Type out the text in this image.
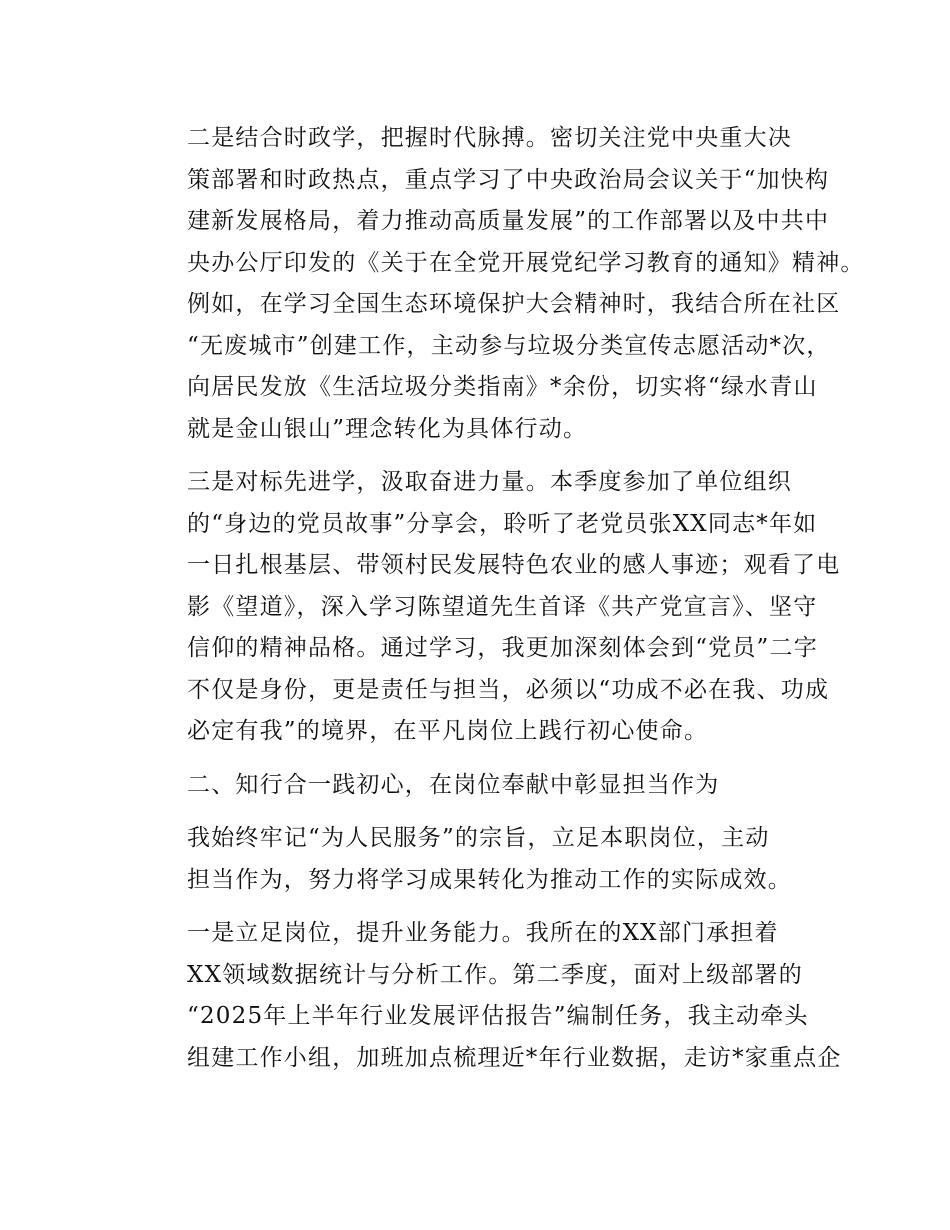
二是结合时政学，把握时代脉搏。密切关注党中央重大决
策部署和时政热点，重点学习了中央政治局会议关于“加快构
建新发展格局，着力推动高质量发展”的工作部署以及中共中
央办公厅印发的《关于在全党开展党纪学习教育的通知》精神。
例如，在学习全国生态环境保护大会精神时，我结合所在社区
“无废城市”创建工作，主动参与垃圾分类宣传志愿活动*次，
向居民发放《生活垃圾分类指南》*余份，切实将“绿水青山
就是金山银山”理念转化为具体行动。

三是对标先进学，汲取奋进力量。本季度参加了单位组织
的“身边的党员故事”分享会，聆听了老党员张XX同志*年如
一日扎根基层、带领村民发展特色农业的感人事迹；观看了电
影《望道》，深入学习陈望道先生首译《共产党宣言》、坚守
信仰的精神品格。通过学习，我更加深刻体会到“党员”二字
不仅是身份，更是责任与担当，必须以“功成不必在我、功成
必定有我”的境界，在平凡岗位上践行初心使命。

二、知行合一践初心，在岗位奉献中彰显担当作为

我始终牢记“为人民服务”的宗旨，立足本职岗位，主动
担当作为，努力将学习成果转化为推动工作的实际成效。

一是立足岗位，提升业务能力。我所在的XX部门承担着
XX领域数据统计与分析工作。第二季度，面对上级部署的
“2025年上半年行业发展评估报告”编制任务，我主动牵头
组建工作小组，加班加点梳理近*年行业数据，走访*家重点企
